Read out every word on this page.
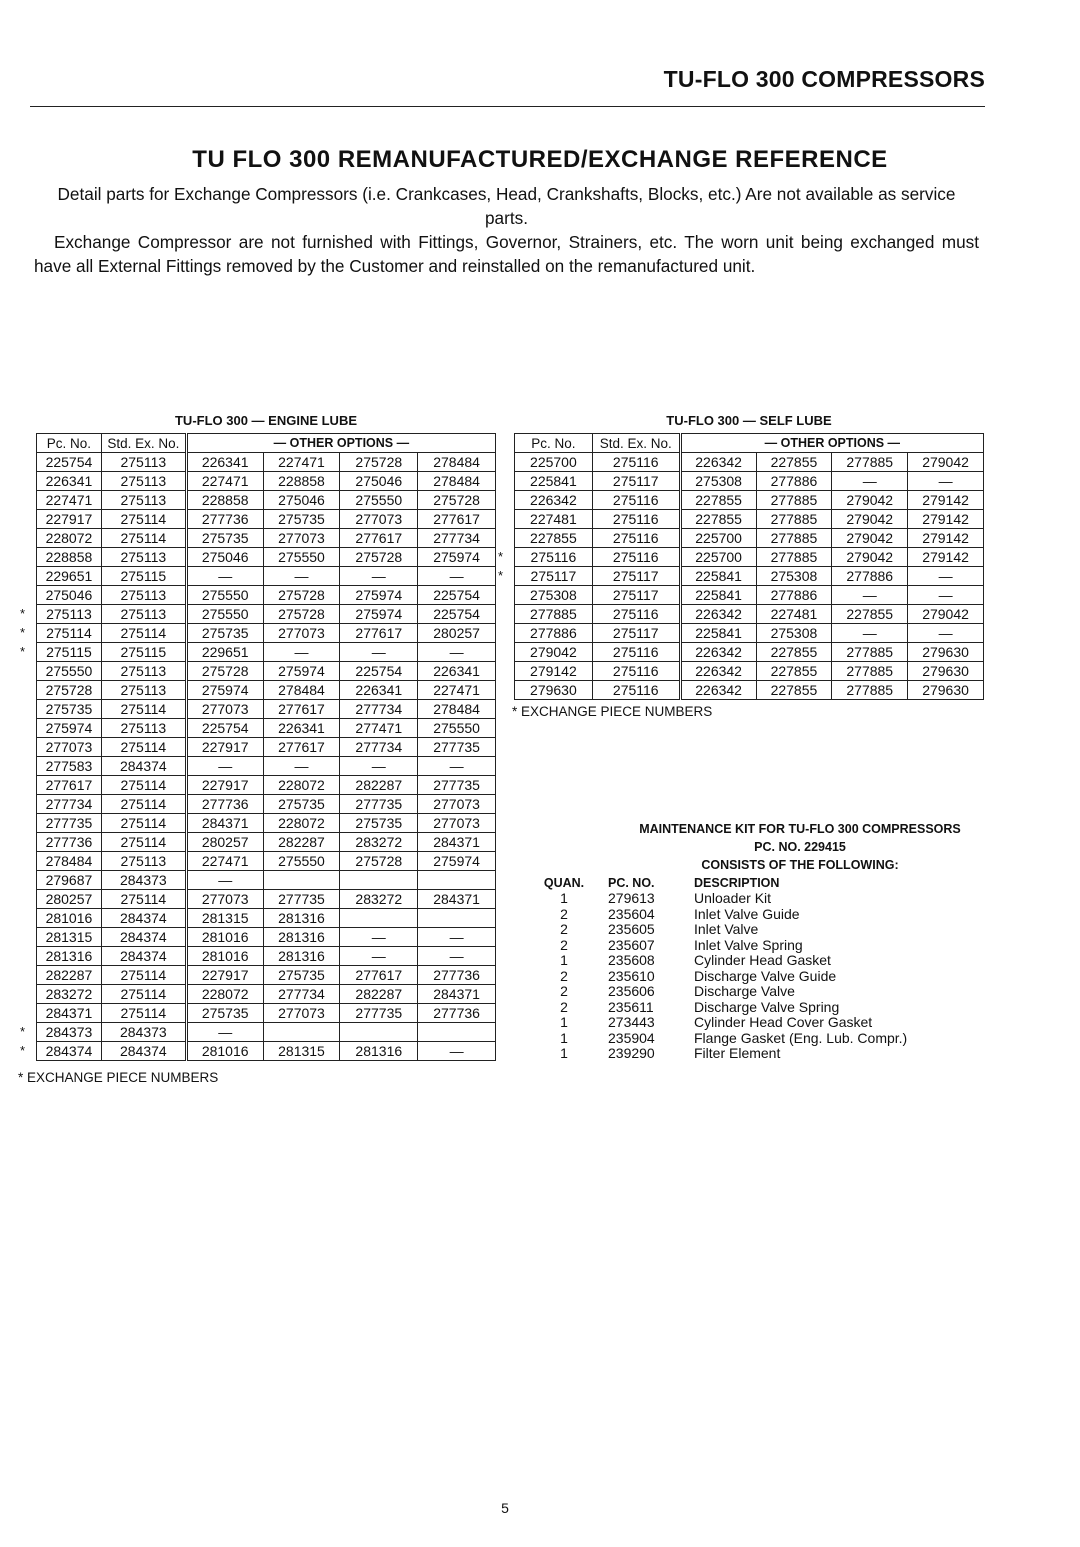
TU-FLO 300 COMPRESSORS
TU FLO 300 REMANUFACTURED/EXCHANGE REFERENCE

Detail parts for Exchange Compressors (i.e. Crankcases, Head, Crankshafts, Blocks, etc.) Are not available as service parts.

Exchange Compressor are not furnished with Fittings, Governor, Strainers, etc. The worn unit being exchanged must have all External Fittings removed by the Customer and reinstalled on the remanufactured unit.

TU-FLO 300 — ENGINE LUBE
Pc. No.	Std. Ex. No.	— OTHER OPTIONS —			
225754	275113	226341	227471	275728	278484
226341	275113	227471	228858	275046	278484
227471	275113	228858	275046	275550	275728
227917	275114	277736	275735	277073	277617
228072	275114	275735	277073	277617	277734
228858	275113	275046	275550	275728	275974
229651	275115	—	—	—	—
275046	275113	275550	275728	275974	225754

* 275113	275113	275550	275728	275974	225754

* 275114	275114	275735	277073	277617	280257

* 275115	275115	229651	—	—	—
275550	275113	275728	275974	225754	226341
275728	275113	275974	278484	226341	227471
275735	275114	277073	277617	277734	278484
275974	275113	225754	226341	277471	275550
277073	275114	227917	277617	277734	277735
277583	284374	—	—	—	—
277617	275114	227917	228072	282287	277735
277734	275114	277736	275735	277735	277073
277735	275114	284371	228072	275735	277073
277736	275114	280257	282287	283272	284371
278484	275113	227471	275550	275728	275974
279687	284373	—			
280257	275114	277073	277735	283272	284371
281016	284374	281315	281316		
281315	284374	281016	281316	—	—
281316	284374	281016	281316	—	—
282287	275114	227917	275735	277617	277736
283272	275114	228072	277734	282287	284371
284371	275114	275735	277073	277735	277736

* 284373	284373	—			

* 284374	284374	281016	281315	281316	—
* EXCHANGE PIECE NUMBERS
TU-FLO 300 — SELF LUBE
Pc. No.	Std. Ex. No.	— OTHER OPTIONS —			
225700	275116	226342	227855	277885	279042
225841	275117	275308	277886	—	—
226342	275116	227855	277885	279042	279142
227481	275116	227855	277885	279042	279142
227855	275116	225700	277885	279042	279142

* 275116	275116	225700	277885	279042	279142

* 275117	275117	225841	275308	277886	—
275308	275117	225841	277886	—	—
277885	275116	226342	227481	227855	279042
277886	275117	225841	275308	—	—
279042	275116	226342	227855	277885	279630
279142	275116	226342	227855	277885	279630
279630	275116	226342	227855	277885	279630
* EXCHANGE PIECE NUMBERS
MAINTENANCE KIT FOR TU-FLO 300 COMPRESSORS
PC. NO. 229415
CONSISTS OF THE FOLLOWING:
QUAN.	PC. NO.	DESCRIPTION
1	279613	Unloader Kit
2	235604	Inlet Valve Guide
2	235605	Inlet Valve
2	235607	Inlet Valve Spring
1	235608	Cylinder Head Gasket
2	235610	Discharge Valve Guide
2	235606	Discharge Valve
2	235611	Discharge Valve Spring
1	273443	Cylinder Head Cover Gasket
1	235904	Flange Gasket (Eng. Lub. Compr.)
1	239290	Filter Element
5
